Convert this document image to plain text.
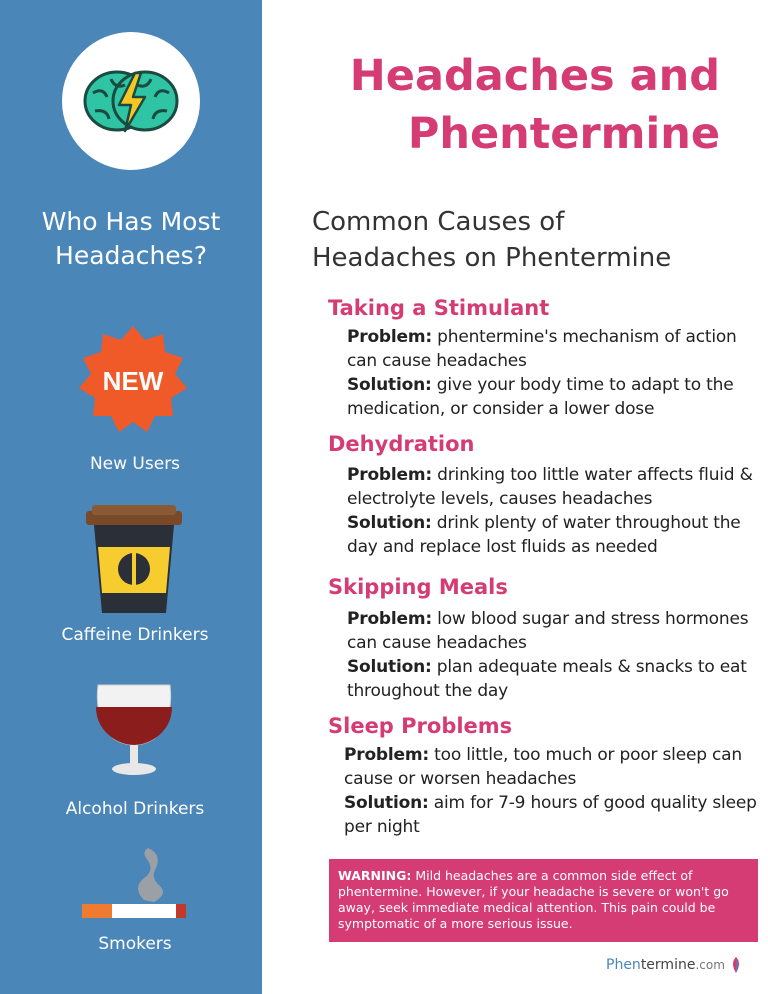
Who Has Most
Headaches?
NEW
New Users
Caffeine Drinkers
Alcohol Drinkers
Smokers
Headaches and
Phentermine
Common Causes of
Headaches on Phentermine
Taking a Stimulant
Problem: phentermine's mechanism of action can cause headaches
Solution: give your body time to adapt to the medication, or consider a lower dose
Dehydration
Problem: drinking too little water affects fluid & electrolyte levels, causes headaches
Solution: drink plenty of water throughout the day and replace lost fluids as needed
Skipping Meals
Problem: low blood sugar and stress hormones can cause headaches
Solution: plan adequate meals & snacks to eat throughout the day
Sleep Problems
Problem: too little, too much or poor sleep can cause or worsen headaches
Solution: aim for 7-9 hours of good quality sleep per night
WARNING: Mild headaches are a common side effect of phentermine. However, if your headache is severe or won't go away, seek immediate medical attention. This pain could be symptomatic of a more serious issue.
Phentermine.com
